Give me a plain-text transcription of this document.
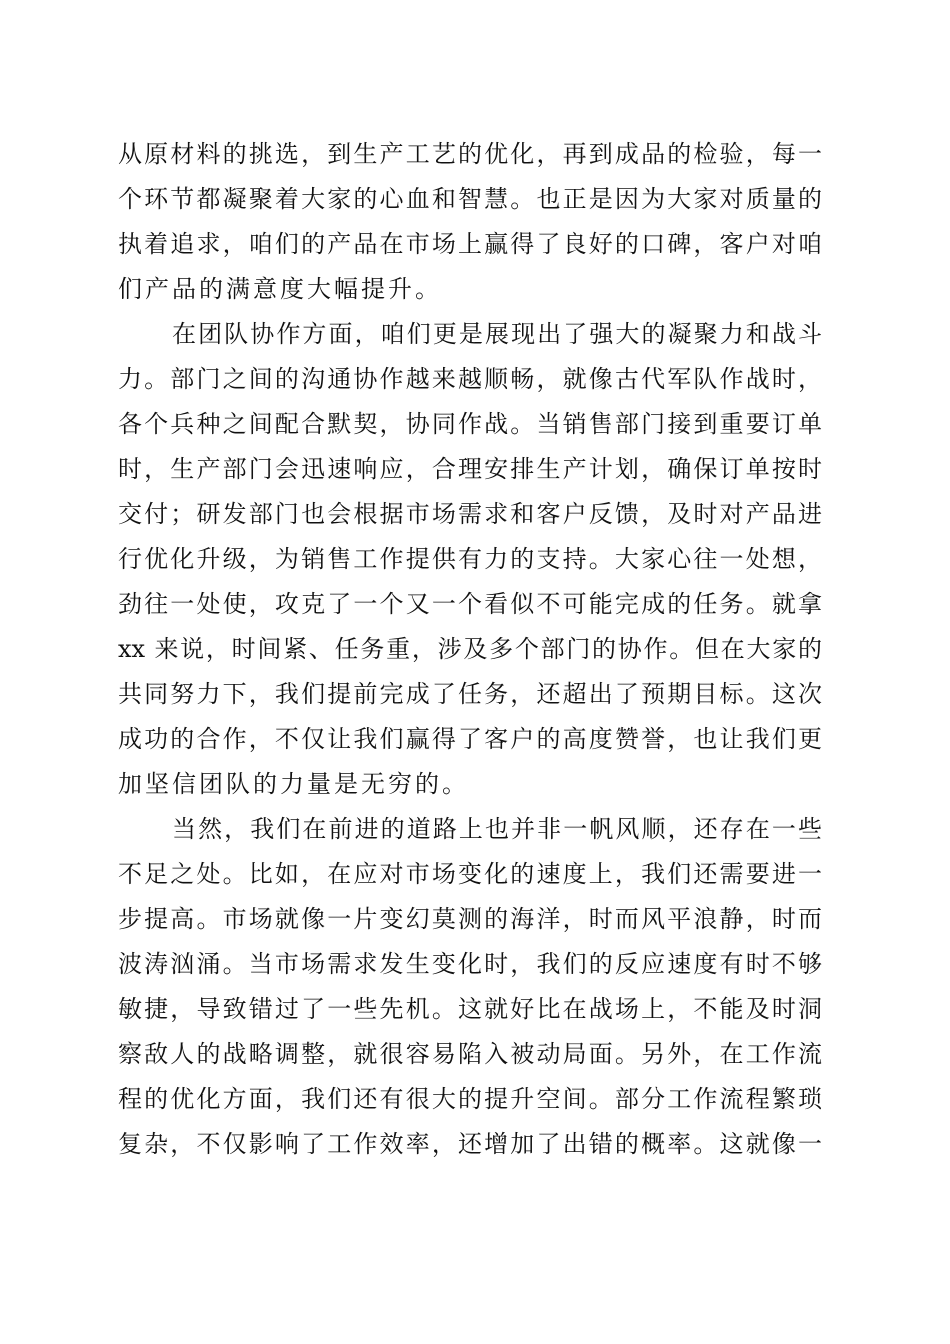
从原材料的挑选，到生产工艺的优化，再到成品的检验，每一
个环节都凝聚着大家的心血和智慧。也正是因为大家对质量的
执着追求，咱们的产品在市场上赢得了良好的口碑，客户对咱
们产品的满意度大幅提升。

在团队协作方面，咱们更是展现出了强大的凝聚力和战斗
力。部门之间的沟通协作越来越顺畅，就像古代军队作战时，
各个兵种之间配合默契，协同作战。当销售部门接到重要订单
时，生产部门会迅速响应，合理安排生产计划，确保订单按时
交付；研发部门也会根据市场需求和客户反馈，及时对产品进
行优化升级，为销售工作提供有力的支持。大家心往一处想，
劲往一处使，攻克了一个又一个看似不可能完成的任务。就拿
xx 来说，时间紧、任务重，涉及多个部门的协作。但在大家的
共同努力下，我们提前完成了任务，还超出了预期目标。这次
成功的合作，不仅让我们赢得了客户的高度赞誉，也让我们更
加坚信团队的力量是无穷的。

当然，我们在前进的道路上也并非一帆风顺，还存在一些
不足之处。比如，在应对市场变化的速度上，我们还需要进一
步提高。市场就像一片变幻莫测的海洋，时而风平浪静，时而
波涛汹涌。当市场需求发生变化时，我们的反应速度有时不够
敏捷，导致错过了一些先机。这就好比在战场上，不能及时洞
察敌人的战略调整，就很容易陷入被动局面。另外，在工作流
程的优化方面，我们还有很大的提升空间。部分工作流程繁琐
复杂，不仅影响了工作效率，还增加了出错的概率。这就像一
